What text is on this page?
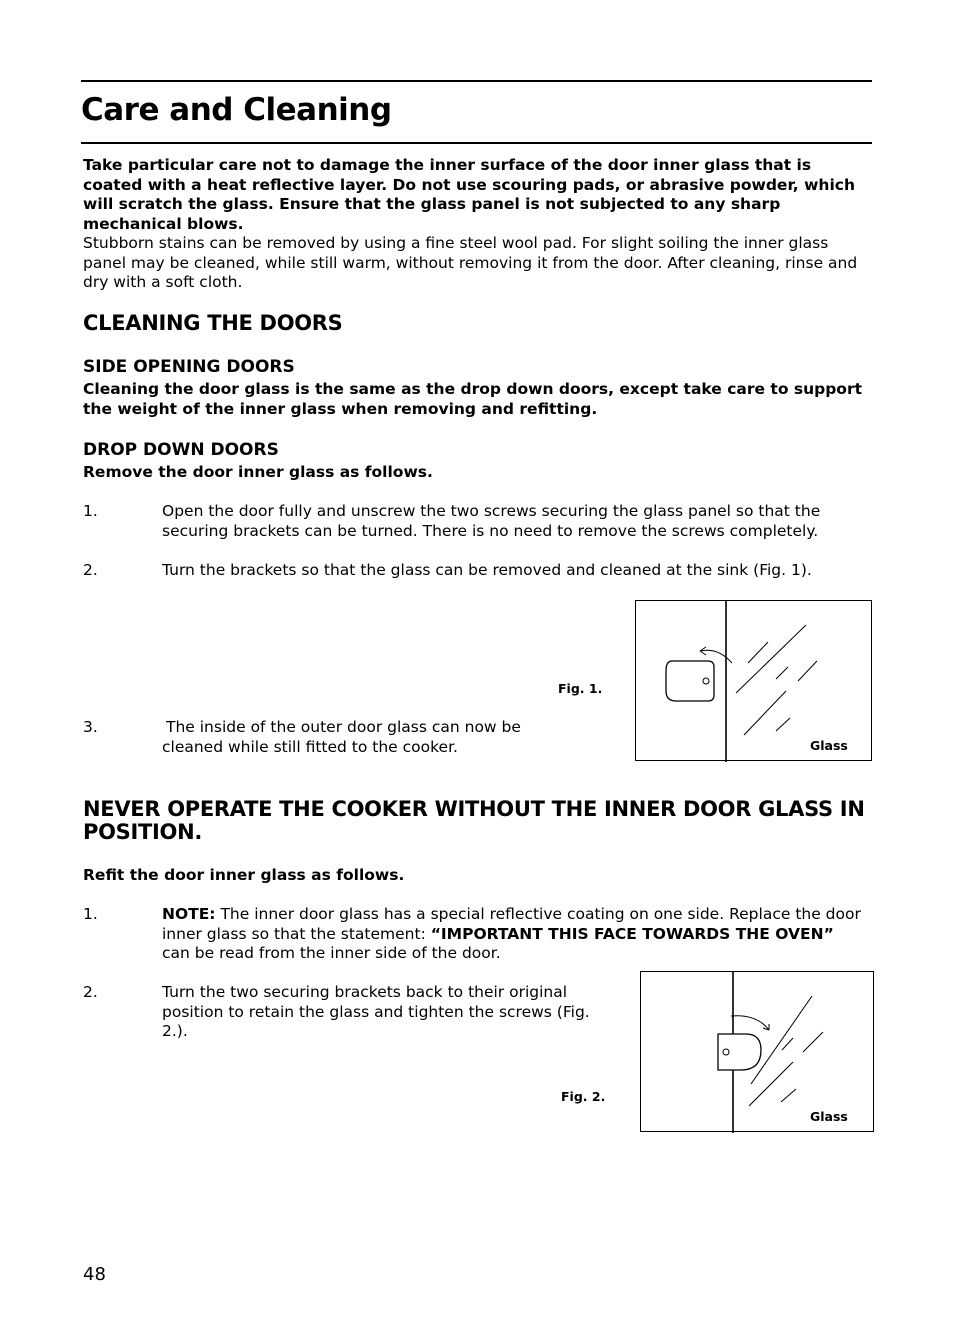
Care and Cleaning
Take particular care not to damage the inner surface of the door inner glass that is coated with a heat reflective layer. Do not use scouring pads, or abrasive powder, which will scratch the glass. Ensure that the glass panel is not subjected to any sharp mechanical blows.
Stubborn stains can be removed by using a fine steel wool pad. For slight soiling the inner glass panel may be cleaned, while still warm, without removing it from the door. After cleaning, rinse and dry with a soft cloth.
CLEANING THE DOORS
SIDE OPENING DOORS
Cleaning the door glass is the same as the drop down doors, except take care to support the weight of the inner glass when removing and refitting.
DROP DOWN DOORS
Remove the door inner glass as follows.
1.	Open the door fully and unscrew the two screws securing the glass panel so that the securing brackets can be turned. There is no need to remove the screws completely.
2.	Turn the brackets so that the glass can be removed and cleaned at the sink (Fig. 1).
Fig. 1.
3.	The inside of the outer door glass can now be cleaned while still fitted to the cooker.	Glass
NEVER OPERATE THE COOKER WITHOUT THE INNER DOOR GLASS IN POSITION.
Refit the door inner glass as follows.
1.	NOTE: The inner door glass has a special reflective coating on one side. Replace the door inner glass so that the statement: “IMPORTANT THIS FACE TOWARDS THE OVEN” can be read from the inner side of the door.
2.	Turn the two securing brackets back to their original position to retain the glass and tighten the screws (Fig. 2.).
Fig. 2.
Glass
48
